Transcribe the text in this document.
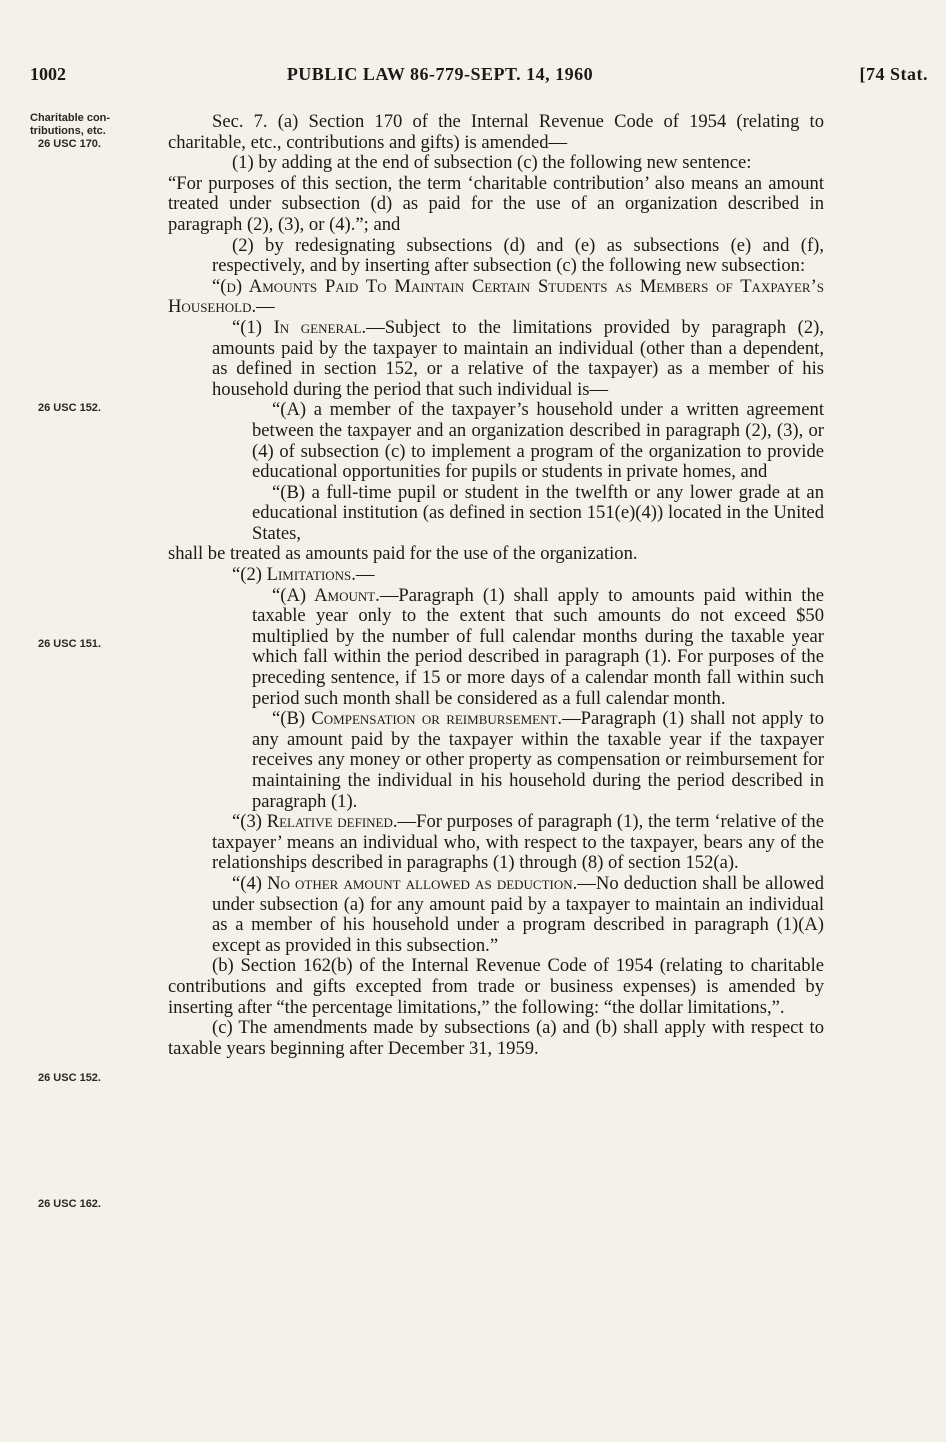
1002	PUBLIC LAW 86-779-SEPT. 14, 1960	[74 Stat.
Charitable con-
tributions, etc.
26 USC 170.
26 USC 152.
26 USC 151.
26 USC 152.
26 USC 162.

Sec. 7. (a) Section 170 of the Internal Revenue Code of 1954 (relating to charitable, etc., contributions and gifts) is amended—

(1) by adding at the end of subsection (c) the following new sentence:

“For purposes of this section, the term ‘charitable contribution’ also means an amount treated under subsection (d) as paid for the use of an organization described in paragraph (2), (3), or (4).”; and

(2) by redesignating subsections (d) and (e) as subsections (e) and (f), respectively, and by inserting after subsection (c) the following new subsection:

“(d) Amounts Paid To Maintain Certain Students as Members of Taxpayer’s Household.—

“(1) In general.—Subject to the limitations provided by paragraph (2), amounts paid by the taxpayer to maintain an individual (other than a dependent, as defined in section 152, or a relative of the taxpayer) as a member of his household during the period that such individual is—

“(A) a member of the taxpayer’s household under a written agreement between the taxpayer and an organization described in paragraph (2), (3), or (4) of subsection (c) to implement a program of the organization to provide educational opportunities for pupils or students in private homes, and

“(B) a full-time pupil or student in the twelfth or any lower grade at an educational institution (as defined in section 151(e)(4)) located in the United States,

shall be treated as amounts paid for the use of the organization.

“(2) Limitations.—

“(A) Amount.—Paragraph (1) shall apply to amounts paid within the taxable year only to the extent that such amounts do not exceed $50 multiplied by the number of full calendar months during the taxable year which fall within the period described in paragraph (1). For purposes of the preceding sentence, if 15 or more days of a calendar month fall within such period such month shall be considered as a full calendar month.

“(B) Compensation or reimbursement.—Paragraph (1) shall not apply to any amount paid by the taxpayer within the taxable year if the taxpayer receives any money or other property as compensation or reimbursement for maintaining the individual in his household during the period described in paragraph (1).

“(3) Relative defined.—For purposes of paragraph (1), the term ‘relative of the taxpayer’ means an individual who, with respect to the taxpayer, bears any of the relationships described in paragraphs (1) through (8) of section 152(a).

“(4) No other amount allowed as deduction.—No deduction shall be allowed under subsection (a) for any amount paid by a taxpayer to maintain an individual as a member of his household under a program described in paragraph (1)(A) except as provided in this subsection.”

(b) Section 162(b) of the Internal Revenue Code of 1954 (relating to charitable contributions and gifts excepted from trade or business expenses) is amended by inserting after “the percentage limitations,” the following: “the dollar limitations,”.

(c) The amendments made by subsections (a) and (b) shall apply with respect to taxable years beginning after December 31, 1959.
